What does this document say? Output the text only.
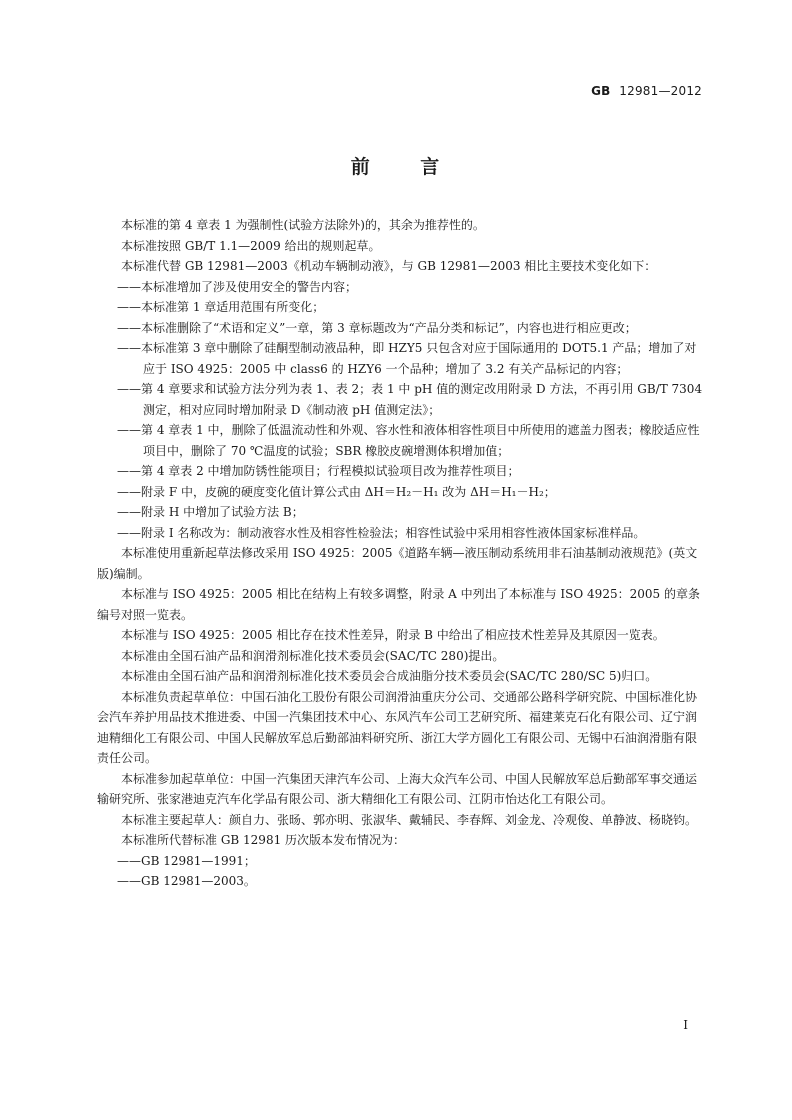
GB 12981—2012
前 言

本标准的第 4 章表 1 为强制性(试验方法除外)的，其余为推荐性的。

本标准按照 GB/T 1.1—2009 给出的规则起草。

本标准代替 GB 12981—2003《机动车辆制动液》，与 GB 12981—2003 相比主要技术变化如下：

——本标准增加了涉及使用安全的警告内容；

——本标准第 1 章适用范围有所变化；

——本标准删除了“术语和定义”一章，第 3 章标题改为“产品分类和标记”，内容也进行相应更改；

——本标准第 3 章中删除了硅酮型制动液品种，即 HZY5 只包含对应于国际通用的 DOT5.1 产品；增加了对应于 ISO 4925：2005 中 class6 的 HZY6 一个品种；增加了 3.2 有关产品标记的内容；

——第 4 章要求和试验方法分列为表 1、表 2；表 1 中 pH 值的测定改用附录 D 方法，不再引用 GB/T 7304 测定，相对应同时增加附录 D《制动液 pH 值测定法》；

——第 4 章表 1 中，删除了低温流动性和外观、容水性和液体相容性项目中所使用的遮盖力图表；橡胶适应性项目中，删除了 70 ℃温度的试验；SBR 橡胶皮碗增测体积增加值；

——第 4 章表 2 中增加防锈性能项目；行程模拟试验项目改为推荐性项目；

——附录 F 中，皮碗的硬度变化值计算公式由 ΔH＝H₂－H₁ 改为 ΔH＝H₁－H₂；

——附录 H 中增加了试验方法 B；

——附录 I 名称改为：制动液容水性及相容性检验法；相容性试验中采用相容性液体国家标准样品。

本标准使用重新起草法修改采用 ISO 4925：2005《道路车辆—液压制动系统用非石油基制动液规范》(英文版)编制。

本标准与 ISO 4925：2005 相比在结构上有较多调整，附录 A 中列出了本标准与 ISO 4925：2005 的章条编号对照一览表。

本标准与 ISO 4925：2005 相比存在技术性差异，附录 B 中给出了相应技术性差异及其原因一览表。

本标准由全国石油产品和润滑剂标准化技术委员会(SAC/TC 280)提出。

本标准由全国石油产品和润滑剂标准化技术委员会合成油脂分技术委员会(SAC/TC 280/SC 5)归口。

本标准负责起草单位：中国石油化工股份有限公司润滑油重庆分公司、交通部公路科学研究院、中国标准化协会汽车养护用品技术推进委、中国一汽集团技术中心、东风汽车公司工艺研究所、福建莱克石化有限公司、辽宁润迪精细化工有限公司、中国人民解放军总后勤部油料研究所、浙江大学方圆化工有限公司、无锡中石油润滑脂有限责任公司。

本标准参加起草单位：中国一汽集团天津汽车公司、上海大众汽车公司、中国人民解放军总后勤部军事交通运输研究所、张家港迪克汽车化学品有限公司、浙大精细化工有限公司、江阴市怡达化工有限公司。

本标准主要起草人：颜自力、张旸、郭亦明、张淑华、戴辅民、李春辉、刘金龙、冷观俊、单静波、杨晓钧。

本标准所代替标准 GB 12981 历次版本发布情况为：

——GB 12981—1991；

——GB 12981—2003。

I
